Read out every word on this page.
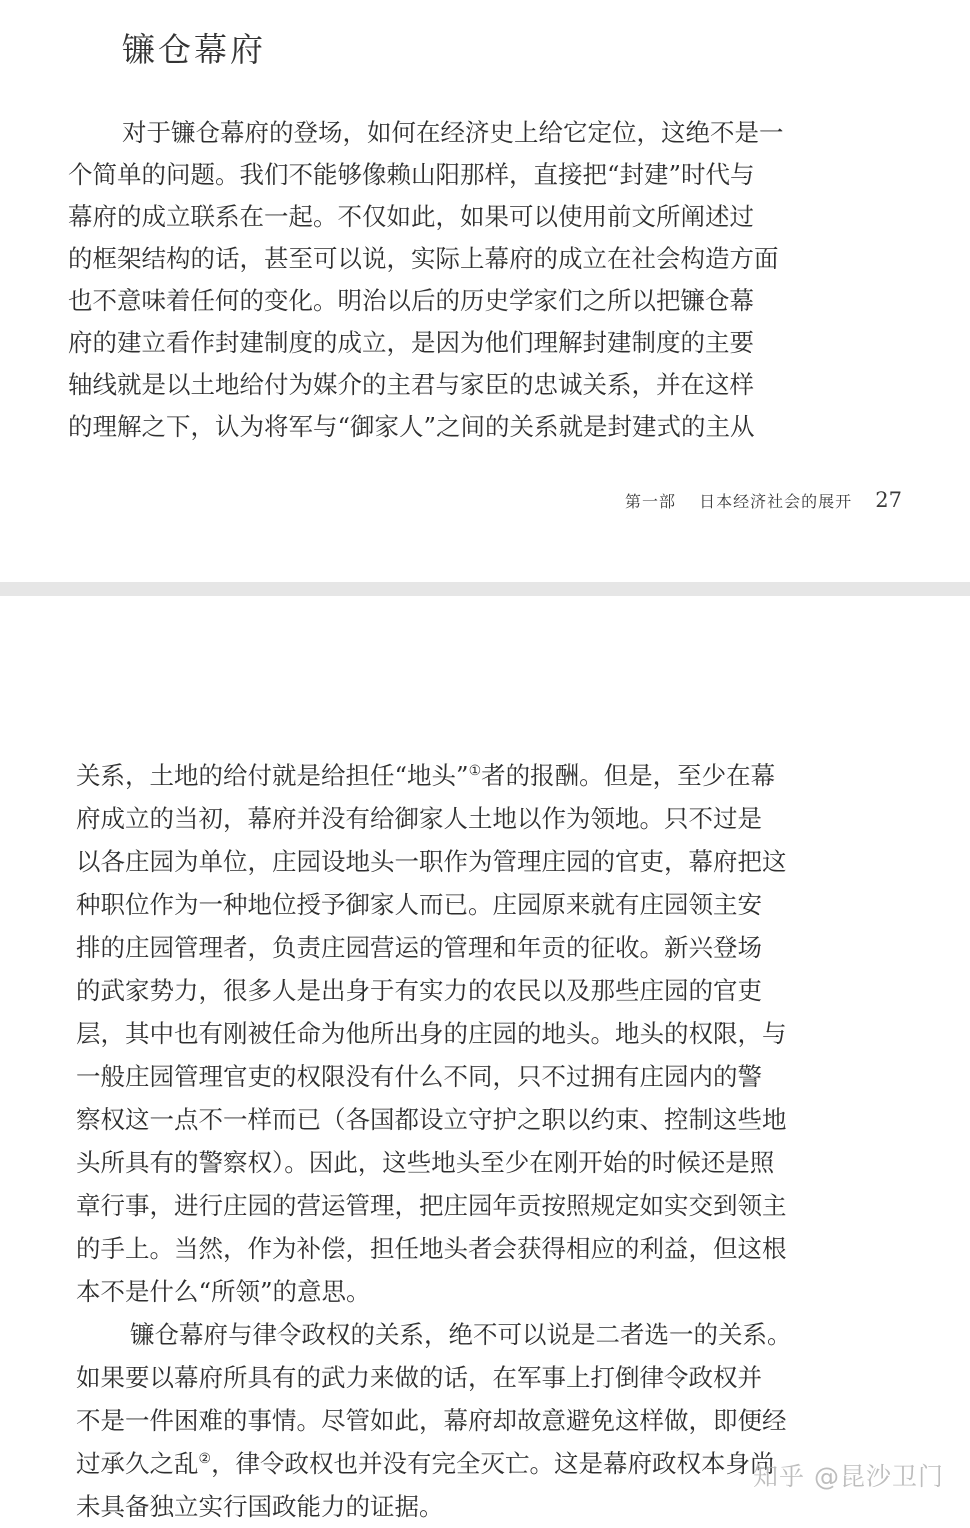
镰仓幕府
对于镰仓幕府的登场，如何在经济史上给它定位，这绝不是一
个简单的问题。我们不能够像赖山阳那样，直接把“封建”时代与
幕府的成立联系在一起。不仅如此，如果可以使用前文所阐述过
的框架结构的话，甚至可以说，实际上幕府的成立在社会构造方面
也不意味着任何的变化。明治以后的历史学家们之所以把镰仓幕
府的建立看作封建制度的成立，是因为他们理解封建制度的主要
轴线就是以土地给付为媒介的主君与家臣的忠诚关系，并在这样
的理解之下，认为将军与“御家人”之间的关系就是封建式的主从
第一部 日本经济社会的展开 27
关系，土地的给付就是给担任“地头”①者的报酬。但是，至少在幕
府成立的当初，幕府并没有给御家人土地以作为领地。只不过是
以各庄园为单位，庄园设地头一职作为管理庄园的官吏，幕府把这
种职位作为一种地位授予御家人而已。庄园原来就有庄园领主安
排的庄园管理者，负责庄园营运的管理和年贡的征收。新兴登场
的武家势力，很多人是出身于有实力的农民以及那些庄园的官吏
层，其中也有刚被任命为他所出身的庄园的地头。地头的权限，与
一般庄园管理官吏的权限没有什么不同，只不过拥有庄园内的警
察权这一点不一样而已（各国都设立守护之职以约束、控制这些地
头所具有的警察权）。因此，这些地头至少在刚开始的时候还是照
章行事，进行庄园的营运管理，把庄园年贡按照规定如实交到领主
的手上。当然，作为补偿，担任地头者会获得相应的利益，但这根
本不是什么“所领”的意思。
镰仓幕府与律令政权的关系，绝不可以说是二者选一的关系。
如果要以幕府所具有的武力来做的话，在军事上打倒律令政权并
不是一件困难的事情。尽管如此，幕府却故意避免这样做，即便经
过承久之乱②，律令政权也并没有完全灭亡。这是幕府政权本身尚
未具备独立实行国政能力的证据。
知乎 @昆沙卫门
